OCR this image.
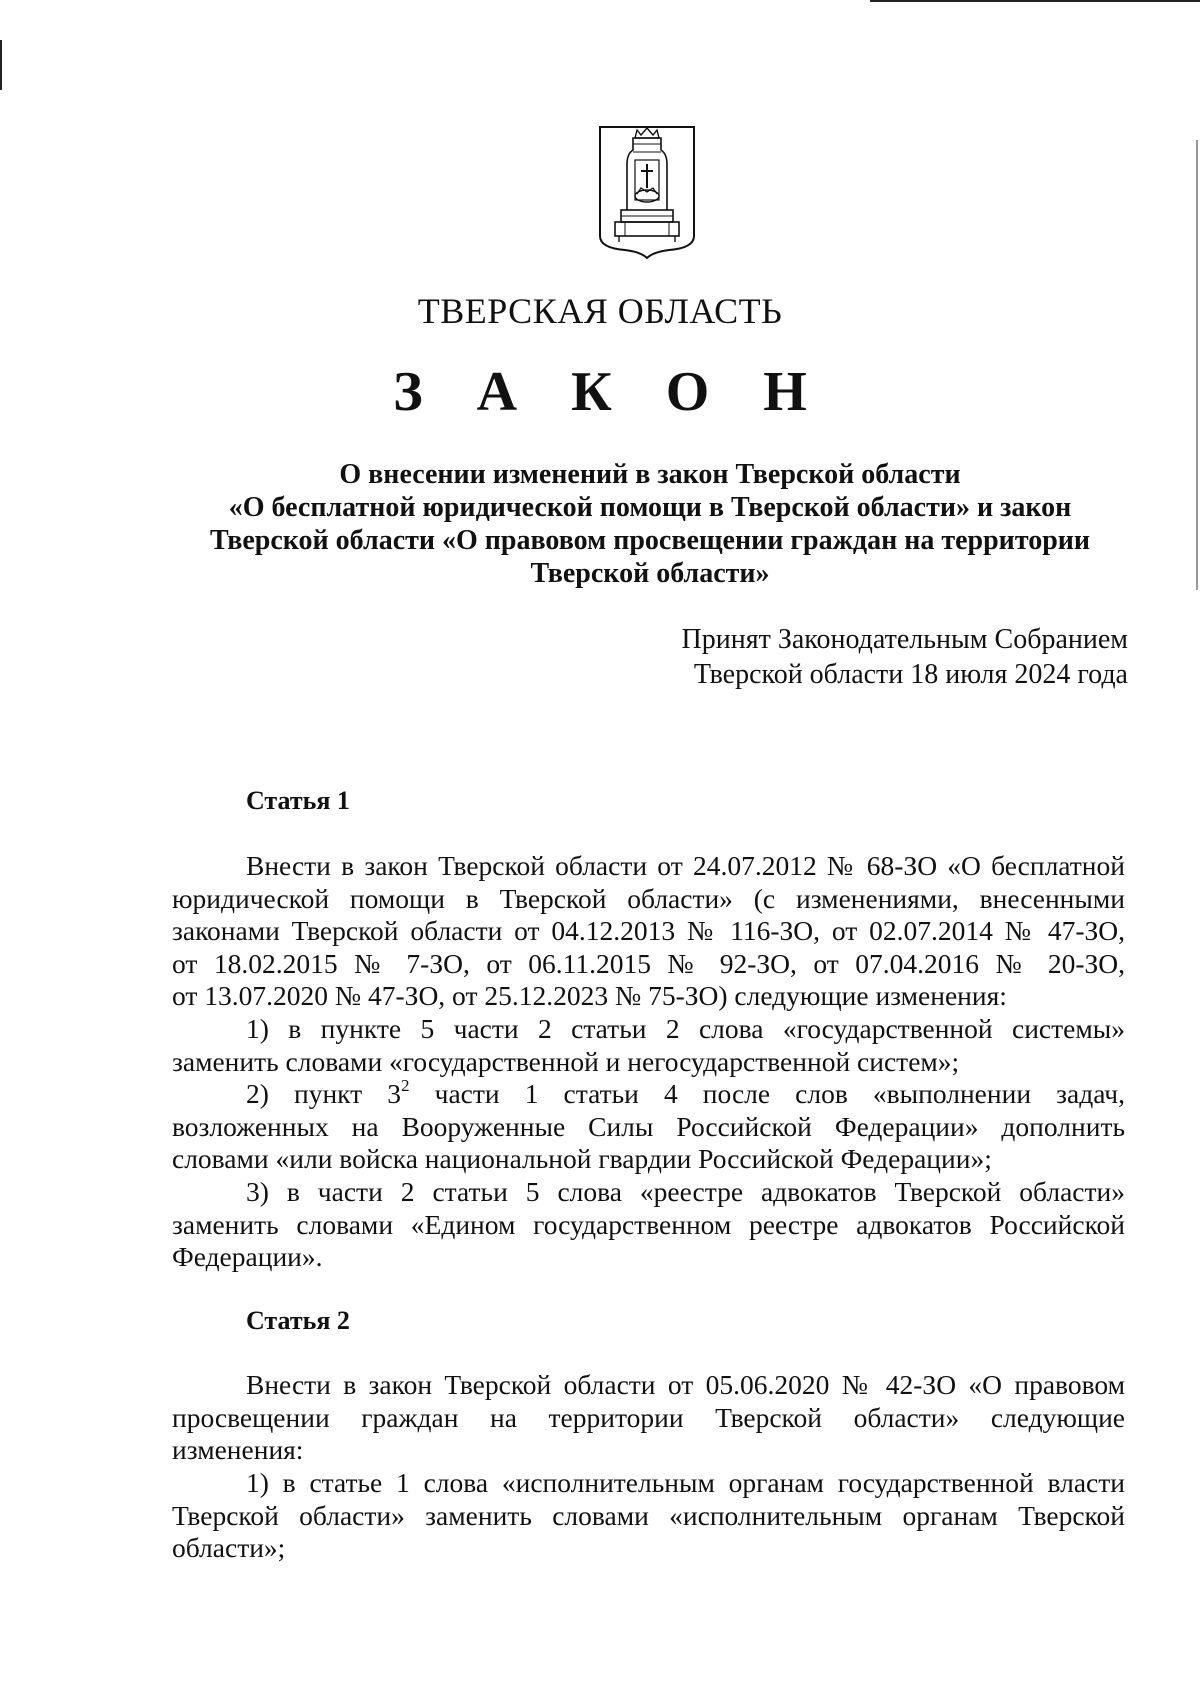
ТВЕРСКАЯ ОБЛАСТЬ
З А К О Н
О внесении изменений в закон Тверской области
«О бесплатной юридической помощи в Тверской области» и закон
Тверской области «О правовом просвещении граждан на территории
Тверской области»
Принят Законодательным Собранием
Тверской области 18 июля 2024 года
Статья 1
Внести в закон Тверской области от 24.07.2012 № 68-ЗО «О бесплатной
юридической помощи в Тверской области» (с изменениями, внесенными
законами Тверской области от 04.12.2013 № 116-ЗО, от 02.07.2014 № 47-ЗО,
от 18.02.2015 № 7-ЗО, от 06.11.2015 № 92-ЗО, от 07.04.2016 № 20-ЗО,
от 13.07.2020 № 47-ЗО, от 25.12.2023 № 75-ЗО) следующие изменения:
1) в пункте 5 части 2 статьи 2 слова «государственной системы»
заменить словами «государственной и негосударственной систем»;
2) пункт $3^2$ части 1 статьи 4 после слов «выполнении задач,
возложенных на Вооруженные Силы Российской Федерации» дополнить
словами «или войска национальной гвардии Российской Федерации»;
3) в части 2 статьи 5 слова «реестре адвокатов Тверской области»
заменить словами «Едином государственном реестре адвокатов Российской
Федерации».
Статья 2
Внести в закон Тверской области от 05.06.2020 № 42-ЗО «О правовом
просвещении граждан на территории Тверской области» следующие
изменения:
1) в статье 1 слова «исполнительным органам государственной власти
Тверской области» заменить словами «исполнительным органам Тверской
области»;
